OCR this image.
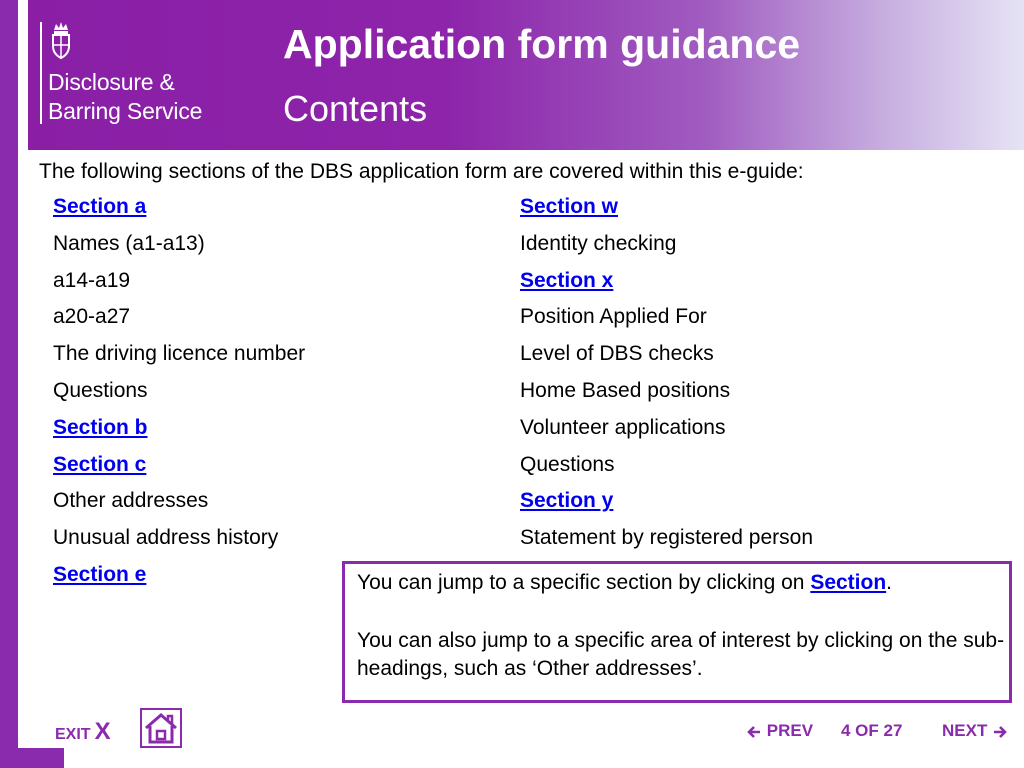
Disclosure &
Barring Service
Application form guidance
Contents
The following sections of the DBS application form are covered within this e-guide:
Section a
Names (a1-a13)
a14-a19
a20-a27
The driving licence number
Questions
Section b
Section c
Other addresses
Unusual address history
Section e
Section w
Identity checking
Section x
Position Applied For
Level of DBS checks
Home Based positions
Volunteer applications
Questions
Section y
Statement by registered person

You can jump to a specific section by clicking on Section.

You can also jump to a specific area of interest by clicking on the sub-headings, such as ‘Other addresses’.

EXIT X	PREV 4 OF 27 NEXT
